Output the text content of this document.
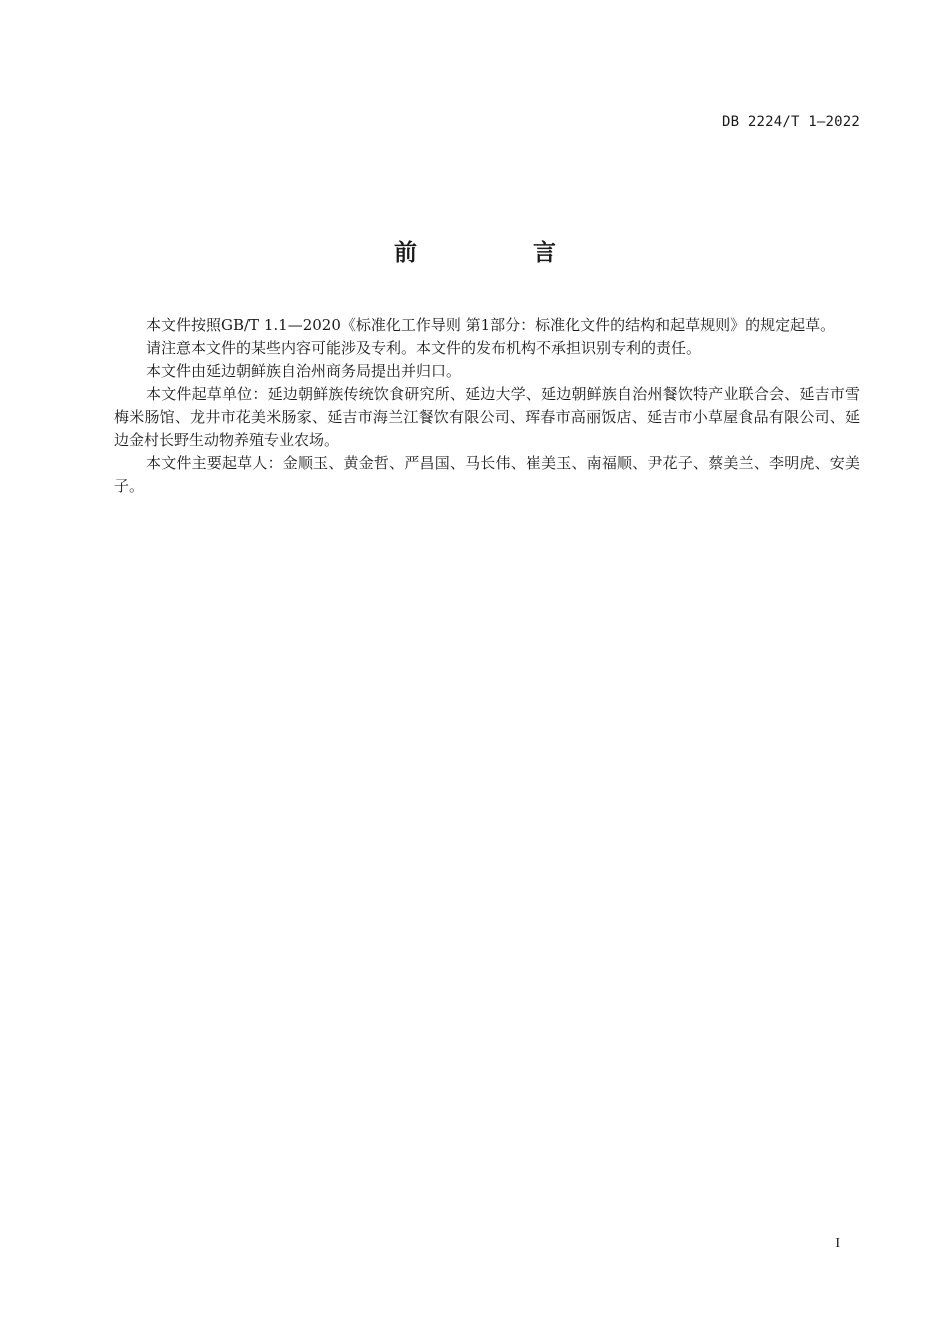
DB 2224/T 1—2022
前 言

本文件按照GB/T 1.1—2020《标准化工作导则 第1部分：标准化文件的结构和起草规则》的规定起草。

请注意本文件的某些内容可能涉及专利。本文件的发布机构不承担识别专利的责任。

本文件由延边朝鲜族自治州商务局提出并归口。

本文件起草单位：延边朝鲜族传统饮食研究所、延边大学、延边朝鲜族自治州餐饮特产业联合会、延吉市雪梅米肠馆、龙井市花美米肠家、延吉市海兰江餐饮有限公司、珲春市高丽饭店、延吉市小草屋食品有限公司、延边金村长野生动物养殖专业农场。

本文件主要起草人：金顺玉、黄金哲、严昌国、马长伟、崔美玉、南福顺、尹花子、蔡美兰、李明虎、安美子。

I
